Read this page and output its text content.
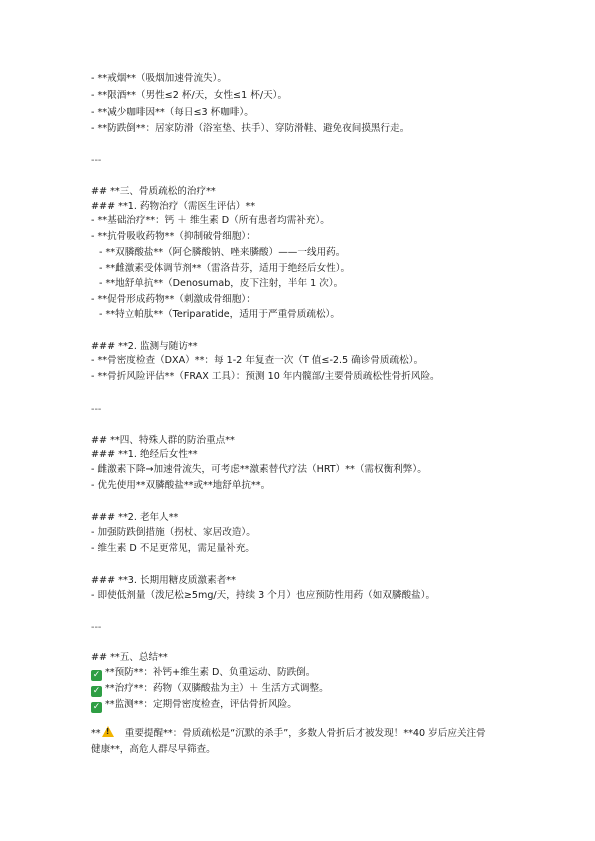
- **戒烟**（吸烟加速骨流失）。
- **限酒**（男性≤2 杯/天，女性≤1 杯/天）。
- **减少咖啡因**（每日≤3 杯咖啡）。
- **防跌倒**：居家防滑（浴室垫、扶手）、穿防滑鞋、避免夜间摸黑行走。
---
## **三、骨质疏松的治疗**
### **1. 药物治疗（需医生评估）**
- **基础治疗**：钙 ＋ 维生素 D（所有患者均需补充）。
- **抗骨吸收药物**（抑制破骨细胞）：
- **双膦酸盐**（阿仑膦酸钠、唑来膦酸）——一线用药。
- **雌激素受体调节剂**（雷洛昔芬，适用于绝经后女性）。
- **地舒单抗**（Denosumab，皮下注射，半年 1 次）。
- **促骨形成药物**（刺激成骨细胞）：
- **特立帕肽**（Teriparatide，适用于严重骨质疏松）。
### **2. 监测与随访**
- **骨密度检查（DXA）**：每 1-2 年复查一次（T 值≤-2.5 确诊骨质疏松）。
- **骨折风险评估**（FRAX 工具）：预测 10 年内髋部/主要骨质疏松性骨折风险。
---
## **四、特殊人群的防治重点**
### **1. 绝经后女性**
- 雌激素下降→加速骨流失，可考虑**激素替代疗法（HRT）**（需权衡利弊）。
- 优先使用**双膦酸盐**或**地舒单抗**。
### **2. 老年人**
- 加强防跌倒措施（拐杖、家居改造）。
- 维生素 D 不足更常见，需足量补充。
### **3. 长期用糖皮质激素者**
- 即使低剂量（泼尼松≥5mg/天，持续 3 个月）也应预防性用药（如双膦酸盐）。
---
## **五、总结**
✓ **预防**：补钙+维生素 D、负重运动、防跌倒。
✓ **治疗**：药物（双膦酸盐为主）＋ 生活方式调整。
✓ **监测**：定期骨密度检查，评估骨折风险。
** ! 重要提醒**：骨质疏松是“沉默的杀手”，多数人骨折后才被发现！**40 岁后应关注骨
健康**，高危人群尽早筛查。
